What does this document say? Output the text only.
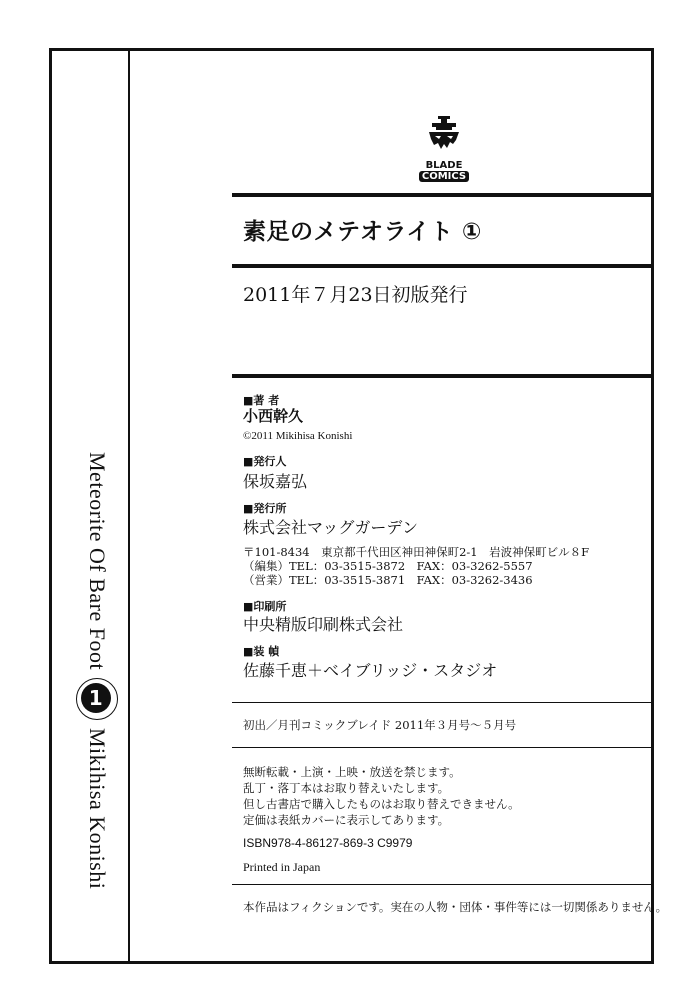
Meteorite Of Bare Foot
1
Mikihisa Konishi
BLADE
COMICS
素足のメテオライト ①
2011年７月23日初版発行
■著 者
小西幹久
©2011 Mikihisa Konishi
■発行人
保坂嘉弘
■発行所
株式会社マッグガーデン
〒101-8434　東京都千代田区神田神保町2-1　岩波神保町ビル８F
（編集）TEL：03-3515-3872　FAX：03-3262-5557
（営業）TEL：03-3515-3871　FAX：03-3262-3436
■印刷所
中央精版印刷株式会社
■装 幀
佐藤千恵＋ベイブリッジ・スタジオ
初出／月刊コミックブレイド 2011年３月号～５月号
無断転載・上演・上映・放送を禁じます。
乱丁・落丁本はお取り替えいたします。
但し古書店で購入したものはお取り替えできません。
定価は表紙カバーに表示してあります。
ISBN978-4-86127-869-3 C9979
Printed in Japan
本作品はフィクションです。実在の人物・団体・事件等には一切関係ありません。
